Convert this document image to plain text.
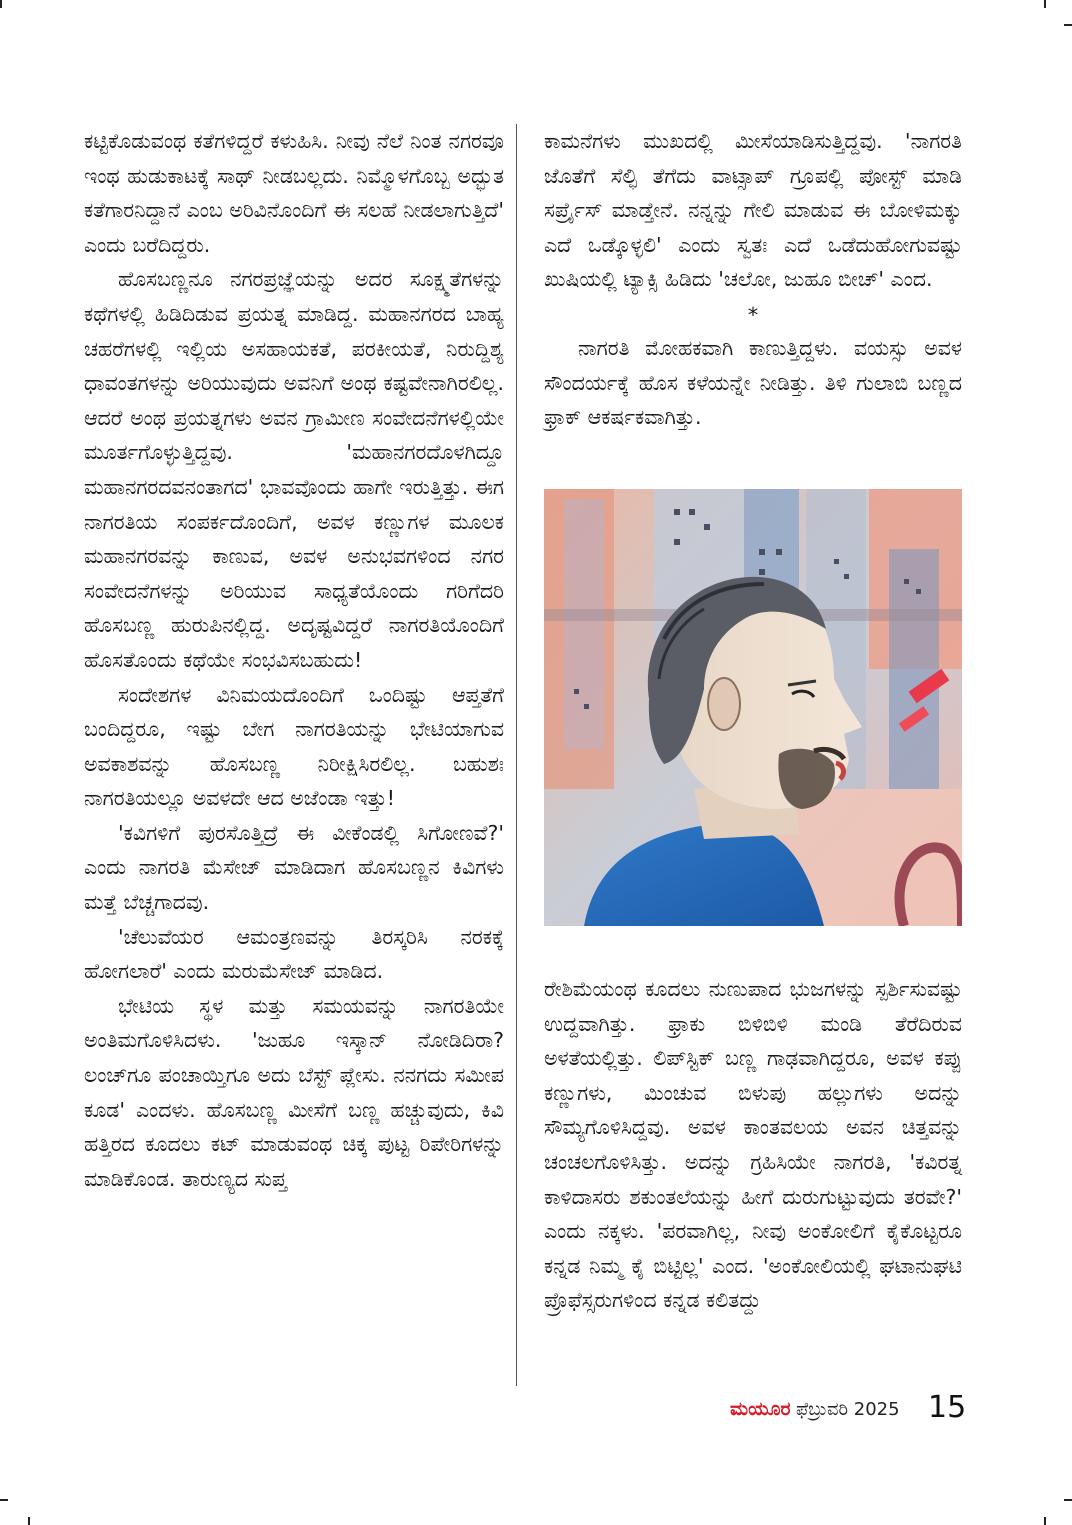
ಕಟ್ಟಿಕೊಡುವಂಥ ಕತೆಗಳಿದ್ದರೆ ಕಳುಹಿಸಿ. ನೀವು ನೆಲೆ ನಿಂತ ನಗರವೂ ಇಂಥ ಹುಡುಕಾಟಕ್ಕೆ ಸಾಥ್ ನೀಡಬಲ್ಲದು. ನಿಮ್ಮೊಳಗೊಬ್ಬ ಅದ್ಭುತ ಕತೆಗಾರನಿದ್ದಾನೆ ಎಂಬ ಅರಿವಿನೊಂದಿಗೆ ಈ ಸಲಹೆ ನೀಡಲಾಗುತ್ತಿದೆ' ಎಂದು ಬರೆದಿದ್ದರು.

ಹೊಸಬಣ್ಣನೂ ನಗರಪ್ರಜ್ಞೆಯನ್ನು ಅದರ ಸೂಕ್ಷ್ಮತೆಗಳನ್ನು ಕಥೆಗಳಲ್ಲಿ ಹಿಡಿದಿಡುವ ಪ್ರಯತ್ನ ಮಾಡಿದ್ದ. ಮಹಾನಗರದ ಬಾಹ್ಯ ಚಹರೆಗಳಲ್ಲಿ ಇಲ್ಲಿಯ ಅಸಹಾಯಕತೆ, ಪರಕೀಯತೆ, ನಿರುದ್ದಿಶ್ಯ ಧಾವಂತಗಳನ್ನು ಅರಿಯುವುದು ಅವನಿಗೆ ಅಂಥ ಕಷ್ಟವೇನಾಗಿರಲಿಲ್ಲ. ಆದರೆ ಅಂಥ ಪ್ರಯತ್ನಗಳು ಅವನ ಗ್ರಾಮೀಣ ಸಂವೇದನೆಗಳಲ್ಲಿಯೇ ಮೂರ್ತಗೊಳ್ಳುತ್ತಿದ್ದವು. 'ಮಹಾನಗರದೊಳಗಿದ್ದೂ ಮಹಾನಗರದವನಂತಾಗದ' ಭಾವವೊಂದು ಹಾಗೇ ಇರುತ್ತಿತ್ತು. ಈಗ ನಾಗರತಿಯ ಸಂಪರ್ಕದೊಂದಿಗೆ, ಅವಳ ಕಣ್ಣುಗಳ ಮೂಲಕ ಮಹಾನಗರವನ್ನು ಕಾಣುವ, ಅವಳ ಅನುಭವಗಳಿಂದ ನಗರ ಸಂವೇದನೆಗಳನ್ನು ಅರಿಯುವ ಸಾಧ್ಯತೆಯೊಂದು ಗರಿಗೆದರಿ ಹೊಸಬಣ್ಣ ಹುರುಪಿನಲ್ಲಿದ್ದ. ಅದೃಷ್ಟವಿದ್ದರೆ ನಾಗರತಿಯೊಂದಿಗೆ ಹೊಸತೊಂದು ಕಥೆಯೇ ಸಂಭವಿಸಬಹುದು!

ಸಂದೇಶಗಳ ವಿನಿಮಯದೊಂದಿಗೆ ಒಂದಿಷ್ಟು ಆಪ್ತತೆಗೆ ಬಂದಿದ್ದರೂ, ಇಷ್ಟು ಬೇಗ ನಾಗರತಿಯನ್ನು ಭೇಟಿಯಾಗುವ ಅವಕಾಶವನ್ನು ಹೊಸಬಣ್ಣ ನಿರೀಕ್ಷಿಸಿರಲಿಲ್ಲ. ಬಹುಶಃ ನಾಗರತಿಯಲ್ಲೂ ಅವಳದೇ ಆದ ಅಜೆಂಡಾ ಇತ್ತು!

'ಕವಿಗಳಿಗೆ ಪುರಸೊತ್ತಿದ್ರೆ ಈ ವೀಕೆಂಡಲ್ಲಿ ಸಿಗೋಣವೆ?' ಎಂದು ನಾಗರತಿ ಮೆಸೇಜ್ ಮಾಡಿದಾಗ ಹೊಸಬಣ್ಣನ ಕಿವಿಗಳು ಮತ್ತೆ ಬೆಚ್ಚಗಾದವು.

'ಚೆಲುವೆಯರ ಆಮಂತ್ರಣವನ್ನು ತಿರಸ್ಕರಿಸಿ ನರಕಕ್ಕೆ ಹೋಗಲಾರೆ' ಎಂದು ಮರುಮೆಸೇಜ್ ಮಾಡಿದ.

ಭೇಟಿಯ ಸ್ಥಳ ಮತ್ತು ಸಮಯವನ್ನು ನಾಗರತಿಯೇ ಅಂತಿಮಗೊಳಿಸಿದಳು. 'ಜುಹೂ ಇಸ್ಕಾನ್ ನೋಡಿದಿರಾ? ಲಂಚ್‌ಗೂ ಪಂಚಾಯ್ತಿಗೂ ಅದು ಬೆಸ್ಟ್ ಪ್ಲೇಸು. ನನಗದು ಸಮೀಪ ಕೂಡ' ಎಂದಳು. ಹೊಸಬಣ್ಣ ಮೀಸೆಗೆ ಬಣ್ಣ ಹಚ್ಚುವುದು, ಕಿವಿ ಹತ್ತಿರದ ಕೂದಲು ಕಟ್ ಮಾಡುವಂಥ ಚಿಕ್ಕ ಪುಟ್ಟ ರಿಪೇರಿಗಳನ್ನು ಮಾಡಿಕೊಂಡ. ತಾರುಣ್ಯದ ಸುಪ್ತ

ಕಾಮನೆಗಳು ಮುಖದಲ್ಲಿ ಮೀಸೆಯಾಡಿಸುತ್ತಿದ್ದವು. 'ನಾಗರತಿ ಜೊತೆಗೆ ಸೆಲ್ಫಿ ತೆಗೆದು ವಾಟ್ಸಾಪ್ ಗ್ರೂಪಲ್ಲಿ ಪೋಸ್ಟ್ ಮಾಡಿ ಸರ್ಪ್ರೈಸ್ ಮಾಡ್ತೇನೆ. ನನ್ನನ್ನು ಗೇಲಿ ಮಾಡುವ ಈ ಬೋಳಿಮಕ್ಕು ಎದೆ ಒಡ್ಕೊಳ್ಳಲಿ' ಎಂದು ಸ್ವತಃ ಎದೆ ಒಡೆದುಹೋಗುವಷ್ಟು ಖುಷಿಯಲ್ಲಿ ಟ್ಯಾಕ್ಸಿ ಹಿಡಿದು 'ಚಲೋ, ಜುಹೂ ಬೀಚ್' ಎಂದ.

*

ನಾಗರತಿ ಮೋಹಕವಾಗಿ ಕಾಣುತ್ತಿದ್ದಳು. ವಯಸ್ಸು ಅವಳ ಸೌಂದರ್ಯಕ್ಕೆ ಹೊಸ ಕಳೆಯನ್ನೇ ನೀಡಿತ್ತು. ತಿಳಿ ಗುಲಾಬಿ ಬಣ್ಣದ ಫ್ರಾಕ್ ಆಕರ್ಷಕವಾಗಿತ್ತು.

ರೇಶಿಮೆಯಂಥ ಕೂದಲು ನುಣುಪಾದ ಭುಜಗಳನ್ನು ಸ್ಪರ್ಶಿಸುವಷ್ಟು ಉದ್ದವಾಗಿತ್ತು. ಫ್ರಾಕು ಬಿಳಿಬಿಳಿ ಮಂಡಿ ತೆರೆದಿರುವ ಅಳತೆಯಲ್ಲಿತ್ತು. ಲಿಪ್‌ಸ್ಟಿಕ್ ಬಣ್ಣ ಗಾಢವಾಗಿದ್ದರೂ, ಅವಳ ಕಪ್ಪು ಕಣ್ಣುಗಳು, ಮಿಂಚುವ ಬಿಳುಪು ಹಲ್ಲುಗಳು ಅದನ್ನು ಸೌಮ್ಯಗೊಳಿಸಿದ್ದವು. ಅವಳ ಕಾಂತವಲಯ ಅವನ ಚಿತ್ತವನ್ನು ಚಂಚಲಗೊಳಿಸಿತ್ತು. ಅದನ್ನು ಗ್ರಹಿಸಿಯೇ ನಾಗರತಿ, 'ಕವಿರತ್ನ ಕಾಳಿದಾಸರು ಶಕುಂತಲೆಯನ್ನು ಹೀಗೆ ದುರುಗುಟ್ಟುವುದು ತರವೇ?' ಎಂದು ನಕ್ಕಳು. 'ಪರವಾಗಿಲ್ಲ, ನೀವು ಅಂಕೋಲಿಗೆ ಕೈಕೊಟ್ಟರೂ ಕನ್ನಡ ನಿಮ್ಮ ಕೈ ಬಿಟ್ಟಿಲ್ಲ' ಎಂದ. 'ಅಂಕೋಲಿಯಲ್ಲಿ ಘಟಾನುಘಟಿ ಪ್ರೊಫೆಸ್ಸರುಗಳಿಂದ ಕನ್ನಡ ಕಲಿತದ್ದು

ಮಯೂರ ಫೆಬ್ರುವರಿ 2025 15
